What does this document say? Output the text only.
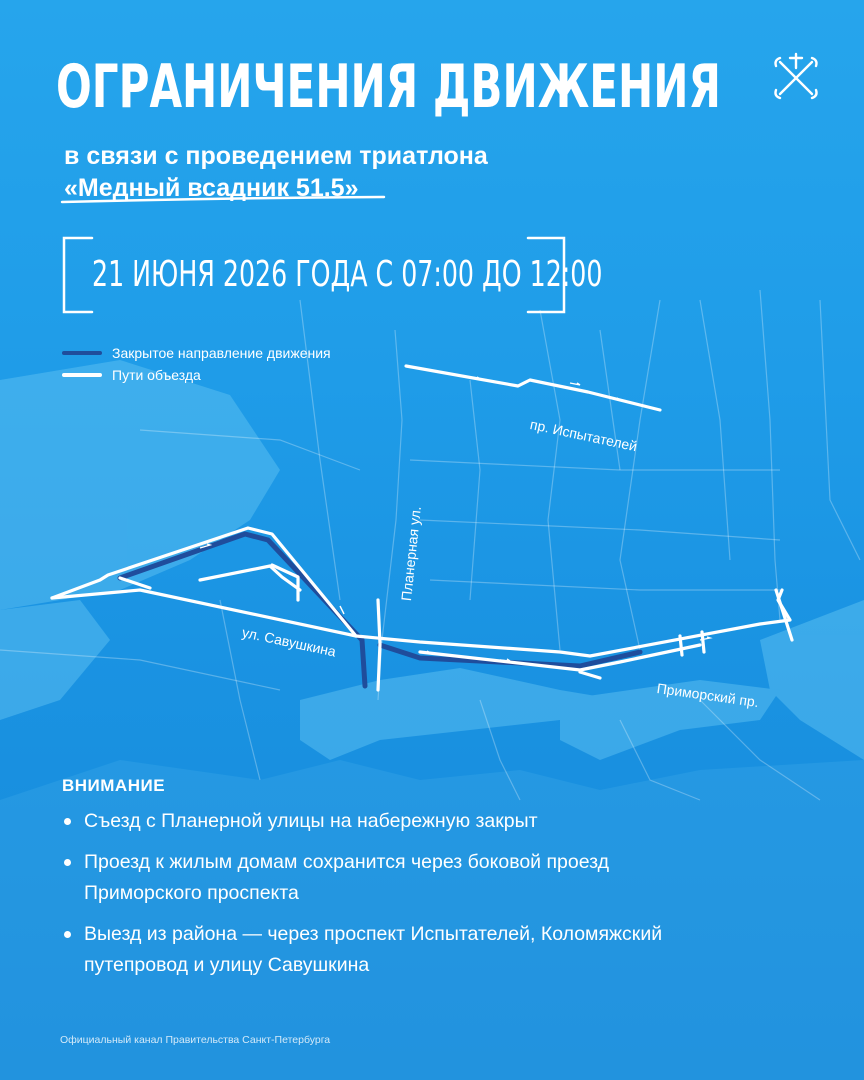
ОГРАНИЧЕНИЯ ДВИЖЕНИЯ
в связи с проведением триатлона
«Медный всадник 51.5»
21 ИЮНЯ 2026 ГОДА С 07:00 ДО 12:00
Закрытое направление движения
Пути объезда
пр. Испытателей
Планерная ул.
ул. Савушкина
Приморский пр.
ВНИМАНИЕ
Съезд с Планерной улицы на набережную закрыт
Проезд к жилым домам сохранится через боковой проезд Приморского проспекта
Выезд из района — через проспект Испытателей, Коломяжский путепровод и улицу Савушкина
Официальный канал Правительства Санкт-Петербурга
